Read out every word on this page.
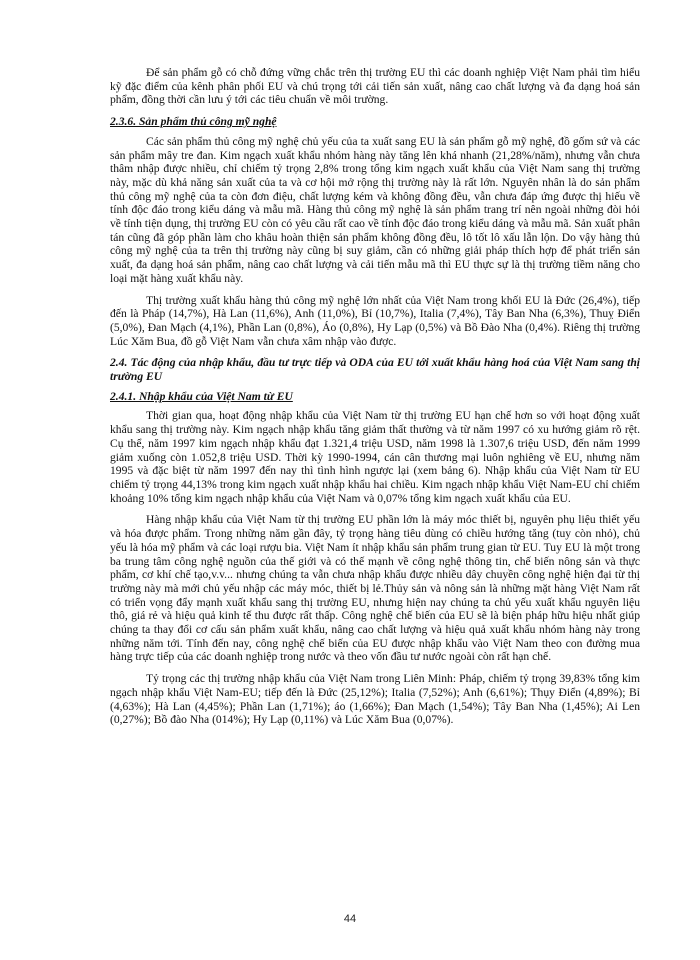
Để sản phẩm gỗ có chỗ đứng vững chắc trên thị trường EU thì các doanh nghiệp Việt Nam phải tìm hiểu kỹ đặc điểm của kênh phân phối EU và chú trọng tới cải tiến sản xuất, nâng cao chất lượng và đa dạng hoá sản phẩm, đồng thời cần lưu ý tới các tiêu chuẩn về môi trường.

2.3.6. Sản phẩm thủ công mỹ nghệ

Các sản phẩm thủ công mỹ nghệ chủ yếu của ta xuất sang EU là sản phẩm gỗ mỹ nghệ, đồ gốm sứ và các sản phẩm mây tre đan. Kim ngạch xuất khẩu nhóm hàng này tăng lên khá nhanh (21,28%/năm), nhưng vẫn chưa thâm nhập được nhiều, chỉ chiếm tỷ trọng 2,8% trong tổng kim ngạch xuất khẩu của Việt Nam sang thị trường này, mặc dù khả năng sản xuất của ta và cơ hội mở rộng thị trường này là rất lớn. Nguyên nhân là do sản phẩm thủ công mỹ nghệ của ta còn đơn điệu, chất lượng kém và không đồng đều, vẫn chưa đáp ứng được thị hiếu về tính độc đáo trong kiểu dáng và mẫu mã. Hàng thủ công mỹ nghệ là sản phẩm trang trí nên ngoài những đòi hỏi về tính tiện dụng, thị trường EU còn có yêu cầu rất cao về tính độc đáo trong kiểu dáng và mẫu mã. Sản xuất phân tán cũng đã góp phần làm cho khâu hoàn thiện sản phẩm không đồng đều, lô tốt lô xấu lẫn lộn. Do vậy hàng thủ công mỹ nghệ của ta trên thị trường này cũng bị suy giảm, cần có những giải pháp thích hợp để phát triển sản xuất, đa dạng hoá sản phẩm, nâng cao chất lượng và cải tiến mẫu mã thì EU thực sự là thị trường tiềm năng cho loại mặt hàng xuất khẩu này.

Thị trường xuất khẩu hàng thủ công mỹ nghệ lớn nhất của Việt Nam trong khối EU là Đức (26,4%), tiếp đến là Pháp (14,7%), Hà Lan (11,6%), Anh (11,0%), Bỉ (10,7%), Italia (7,4%), Tây Ban Nha (6,3%), Thuỵ Điển (5,0%), Đan Mạch (4,1%), Phần Lan (0,8%), Áo (0,8%), Hy Lạp (0,5%) và Bồ Đào Nha (0,4%). Riêng thị trường Lúc Xăm Bua, đồ gỗ Việt Nam vẫn chưa xâm nhập vào được.

2.4. Tác động của nhập khẩu, đầu tư trực tiếp và ODA của EU tới xuất khẩu hàng hoá của Việt Nam sang thị trường EU
2.4.1. Nhập khẩu của Việt Nam từ EU

Thời gian qua, hoạt động nhập khẩu của Việt Nam từ thị trường EU hạn chế hơn so với hoạt động xuất khẩu sang thị trường này. Kim ngạch nhập khẩu tăng giảm thất thường và từ năm 1997 có xu hướng giảm rõ rệt. Cụ thể, năm 1997 kim ngạch nhập khẩu đạt 1.321,4 triệu USD, năm 1998 là 1.307,6 triệu USD, đến năm 1999 giảm xuống còn 1.052,8 triệu USD. Thời kỳ 1990-1994, cán cân thương mại luôn nghiêng về EU, nhưng năm 1995 và đặc biệt từ năm 1997 đến nay thì tình hình ngược lại (xem bảng 6). Nhập khẩu của Việt Nam từ EU chiếm tỷ trọng 44,13% trong kim ngạch xuất nhập khẩu hai chiều. Kim ngạch nhập khẩu Việt Nam-EU chỉ chiếm khoảng 10% tổng kim ngạch nhập khẩu của Việt Nam và 0,07% tổng kim ngạch xuất khẩu của EU.

Hàng nhập khẩu của Việt Nam từ thị trường EU phần lớn là máy móc thiết bị, nguyên phụ liệu thiết yếu và hóa được phẩm. Trong những năm gần đây, tỷ trọng hàng tiêu dùng có chiều hướng tăng (tuy còn nhỏ), chủ yếu là hóa mỹ phẩm và các loại rượu bia. Việt Nam ít nhập khẩu sản phẩm trung gian từ EU. Tuy EU là một trong ba trung tâm công nghệ nguồn của thế giới và có thế mạnh về công nghệ thông tin, chế biến nông sản và thực phẩm, cơ khí chế tạo,v.v... nhưng chúng ta vẫn chưa nhập khẩu được nhiều dây chuyền công nghệ hiện đại từ thị trường này mà mới chủ yếu nhập các máy móc, thiết bị lẻ.Thủy sản và nông sản là những mặt hàng Việt Nam rất có triển vọng đẩy mạnh xuất khẩu sang thị trường EU, nhưng hiện nay chúng ta chủ yếu xuất khẩu nguyên liệu thô, giá rẻ và hiệu quả kinh tế thu được rất thấp. Công nghệ chế biến của EU sẽ là biện pháp hữu hiệu nhất giúp chúng ta thay đổi cơ cấu sản phẩm xuất khẩu, nâng cao chất lượng và hiệu quả xuất khẩu nhóm hàng này trong những năm tới. Tính đến nay, công nghệ chế biến của EU được nhập khẩu vào Việt Nam theo con đường mua hàng trực tiếp của các doanh nghiệp trong nước và theo vốn đầu tư nước ngoài còn rất hạn chế.

Tỷ trọng các thị trường nhập khẩu của Việt Nam trong Liên Minh: Pháp, chiếm tỷ trọng 39,83% tổng kim ngạch nhập khẩu Việt Nam-EU; tiếp đến là Đức (25,12%); Italia (7,52%); Anh (6,61%); Thụy Điển (4,89%); Bỉ (4,63%); Hà Lan (4,45%); Phần Lan (1,71%); áo (1,66%); Đan Mạch (1,54%); Tây Ban Nha (1,45%); Ai Len (0,27%); Bồ đào Nha (014%); Hy Lạp (0,11%) và Lúc Xăm Bua (0,07%).

44
